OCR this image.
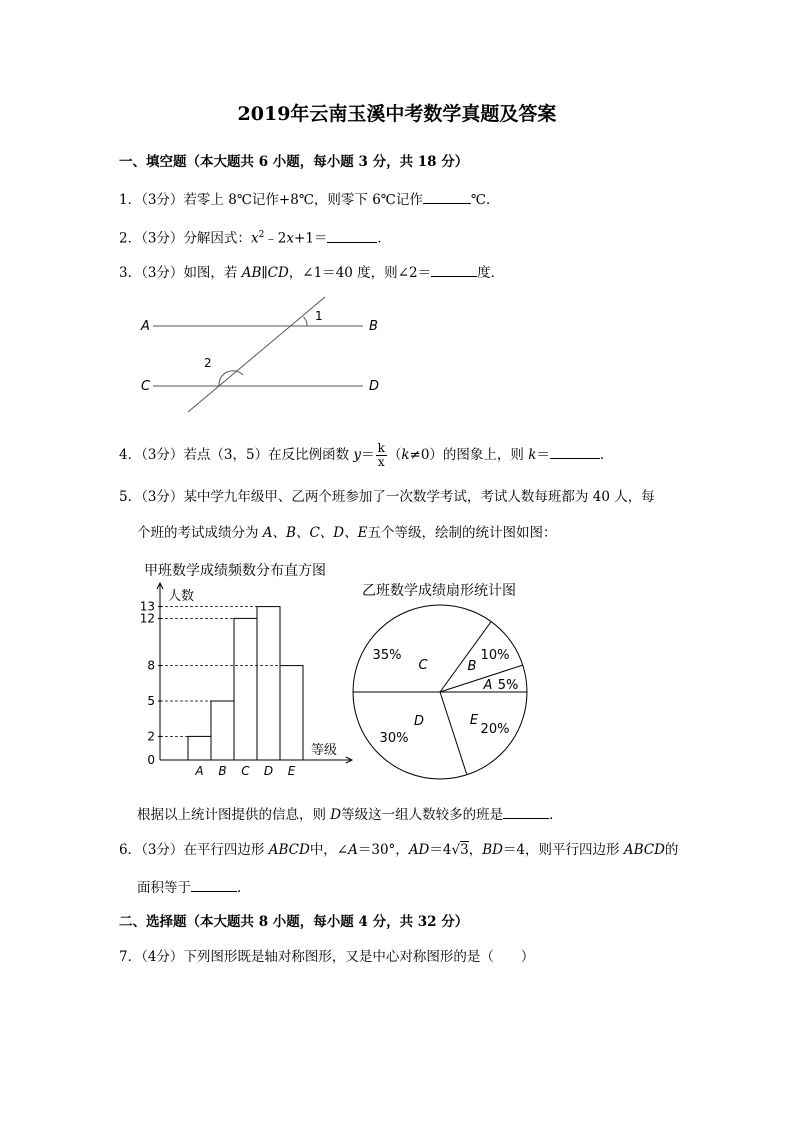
2019年云南玉溪中考数学真题及答案
一、填空题（本大题共 6 小题，每小题 3 分，共 18 分）
1．（3分）若零上 8℃记作+8℃，则零下 6℃记作	℃．
2．（3分）分解因式：$x^2﹣2x+1=$	．
3．（3分）如图，若 AB∥CD，∠1＝40 度，则∠2＝	度．
A	B
C	D
1
2
4．（3分）若点（3，5）在反比例函数 $y= \frac{k}{x} (k\ne 0)$的图象上，则 k＝	．
5．（3分）某中学九年级甲、乙两个班参加了一次数学考试，考试人数每班都为 40 人，每
个班的考试成绩分为 A、B、C、D、E五个等级，绘制的统计图如图：
甲班数学成绩频数分布直方图
人数
等级
0
2
5
8
12
13
A B C D E
乙班数学成绩扇形统计图
A 5%
B
10%
C
35%
D
30%
E
20%
根据以上统计图提供的信息，则 D等级这一组人数较多的班是	．
6．（3分）在平行四边形 ABCD中，∠A＝30°，AD＝4√3，BD＝4，则平行四边形 ABCD的
面积等于	．
二、选择题（本大题共 8 小题，每小题 4 分，共 32 分）
7．（4分）下列图形既是轴对称图形，又是中心对称图形的是（　　）
